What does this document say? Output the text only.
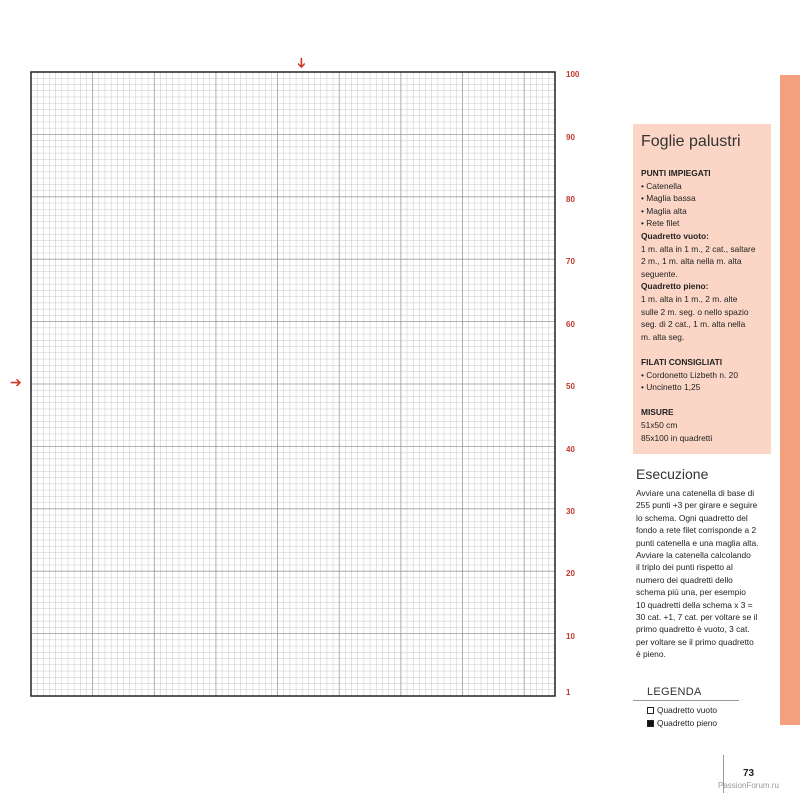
1
10
20
30
40
50
60
70
80
90
100
➔
➔
Foglie palustri
PUNTI IMPIEGATI
• Catenella
• Maglia bassa
• Maglia alta
• Rete filet
Quadretto vuoto:
1 m. alta in 1 m., 2 cat., saltare
2 m., 1 m. alta nella m. alta
seguente.
Quadretto pieno:
1 m. alta in 1 m., 2 m. alte
sulle 2 m. seg. o nello spazio
seg. di 2 cat., 1 m. alta nella
m. alta seg.
FILATI CONSIGLIATI
• Cordonetto Lizbeth n. 20
• Uncinetto 1,25
MISURE
51x50 cm
85x100 in quadretti
Esecuzione
Avviare una catenella di base di
255 punti +3 per girare e seguire
lo schema. Ogni quadretto del
fondo a rete filet corrisponde a 2
punti catenella e una maglia alta.
Avviare la catenella calcolando
il triplo dei punti rispetto al
numero dei quadretti dello
schema più una, per esempio
10 quadretti della schema x 3 =
30 cat. +1, 7 cat. per voltare se il
primo quadretto è vuoto, 3 cat.
per voltare se il primo quadretto
è pieno.
LEGENDA
Quadretto vuoto
Quadretto pieno
73
PassionForum.ru
